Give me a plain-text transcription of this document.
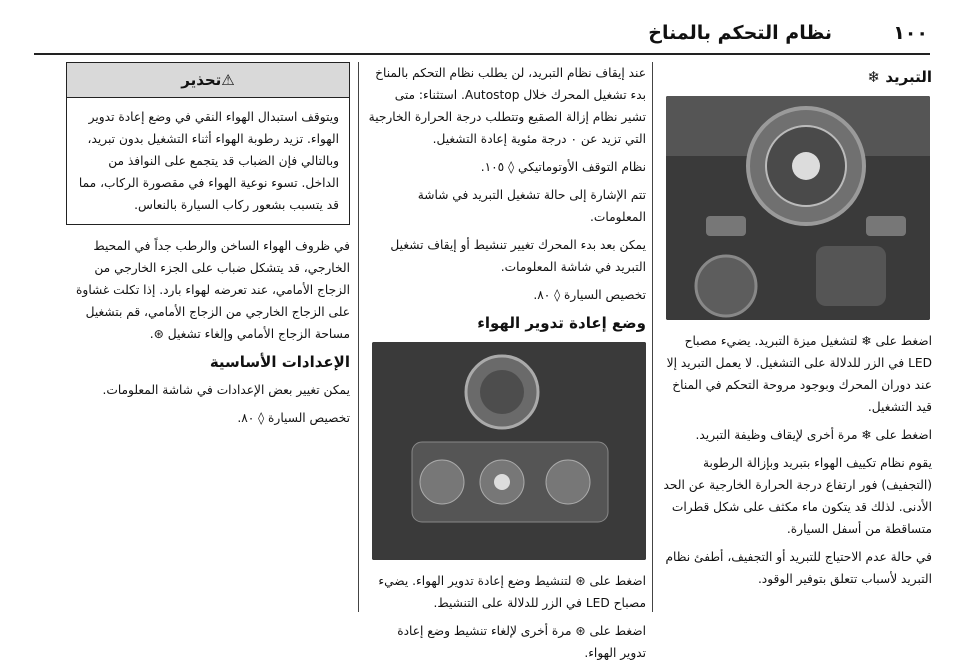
نظام التحكم بالمناخ	١٠٠
التبريد ❄

اضغط على ❄ لتشغيل ميزة التبريد. يضيء مصباح LED في الزر للدلالة على التشغيل. لا يعمل التبريد إلا عند دوران المحرك وبوجود مروحة التحكم في المناخ قيد التشغيل.

اضغط على ❄ مرة أخرى لإيقاف وظيفة التبريد.

يقوم نظام تكييف الهواء بتبريد وبإزالة الرطوبة (التجفيف) فور ارتفاع درجة الحرارة الخارجية عن الحد الأدنى. لذلك قد يتكون ماء مكثف على شكل قطرات متساقطة من أسفل السيارة.

في حالة عدم الاحتياج للتبريد أو التجفيف، أطفئ نظام التبريد لأسباب تتعلق بتوفير الوقود.

عند إيقاف نظام التبريد، لن يطلب نظام التحكم بالمناخ بدء تشغيل المحرك خلال Autostop. استثناء: متى تشير نظام إزالة الصقيع وتتطلب درجة الحرارة الخارجية التي تزيد عن ٠ درجة مئوية إعادة التشغيل.

نظام التوقف الأوتوماتيكي ◊ ١٠٥.

تتم الإشارة إلى حالة تشغيل التبريد في شاشة المعلومات.

يمكن بعد بدء المحرك تغيير تنشيط أو إيقاف تشغيل التبريد في شاشة المعلومات.

تخصيص السيارة ◊ ٨٠.

وضع إعادة تدوير الهواء

اضغط على ⊛ لتنشيط وضع إعادة تدوير الهواء. يضيء مصباح LED في الزر للدلالة على التنشيط.

اضغط على ⊛ مرة أخرى لإلغاء تنشيط وضع إعادة تدوير الهواء.

⚠تحذير
ويتوقف استبدال الهواء النقي في وضع إعادة تدوير الهواء. تزيد رطوبة الهواء أثناء التشغيل بدون تبريد، وبالتالي فإن الضباب قد يتجمع على النوافذ من الداخل. تسوء نوعية الهواء في مقصورة الركاب، مما قد يتسبب بشعور ركاب السيارة بالنعاس.

في ظروف الهواء الساخن والرطب جداً في المحيط الخارجي، قد يتشكل ضباب على الجزء الخارجي من الزجاج الأمامي، عند تعرضه لهواء بارد. إذا تكلت غشاوة على الزجاج الخارجي من الزجاج الأمامي، قم بتشغيل مساحة الزجاج الأمامي وإلغاء تشغيل ⊛.

الإعدادات الأساسية

يمكن تغيير بعض الإعدادات في شاشة المعلومات.

تخصيص السيارة ◊ ٨٠.
